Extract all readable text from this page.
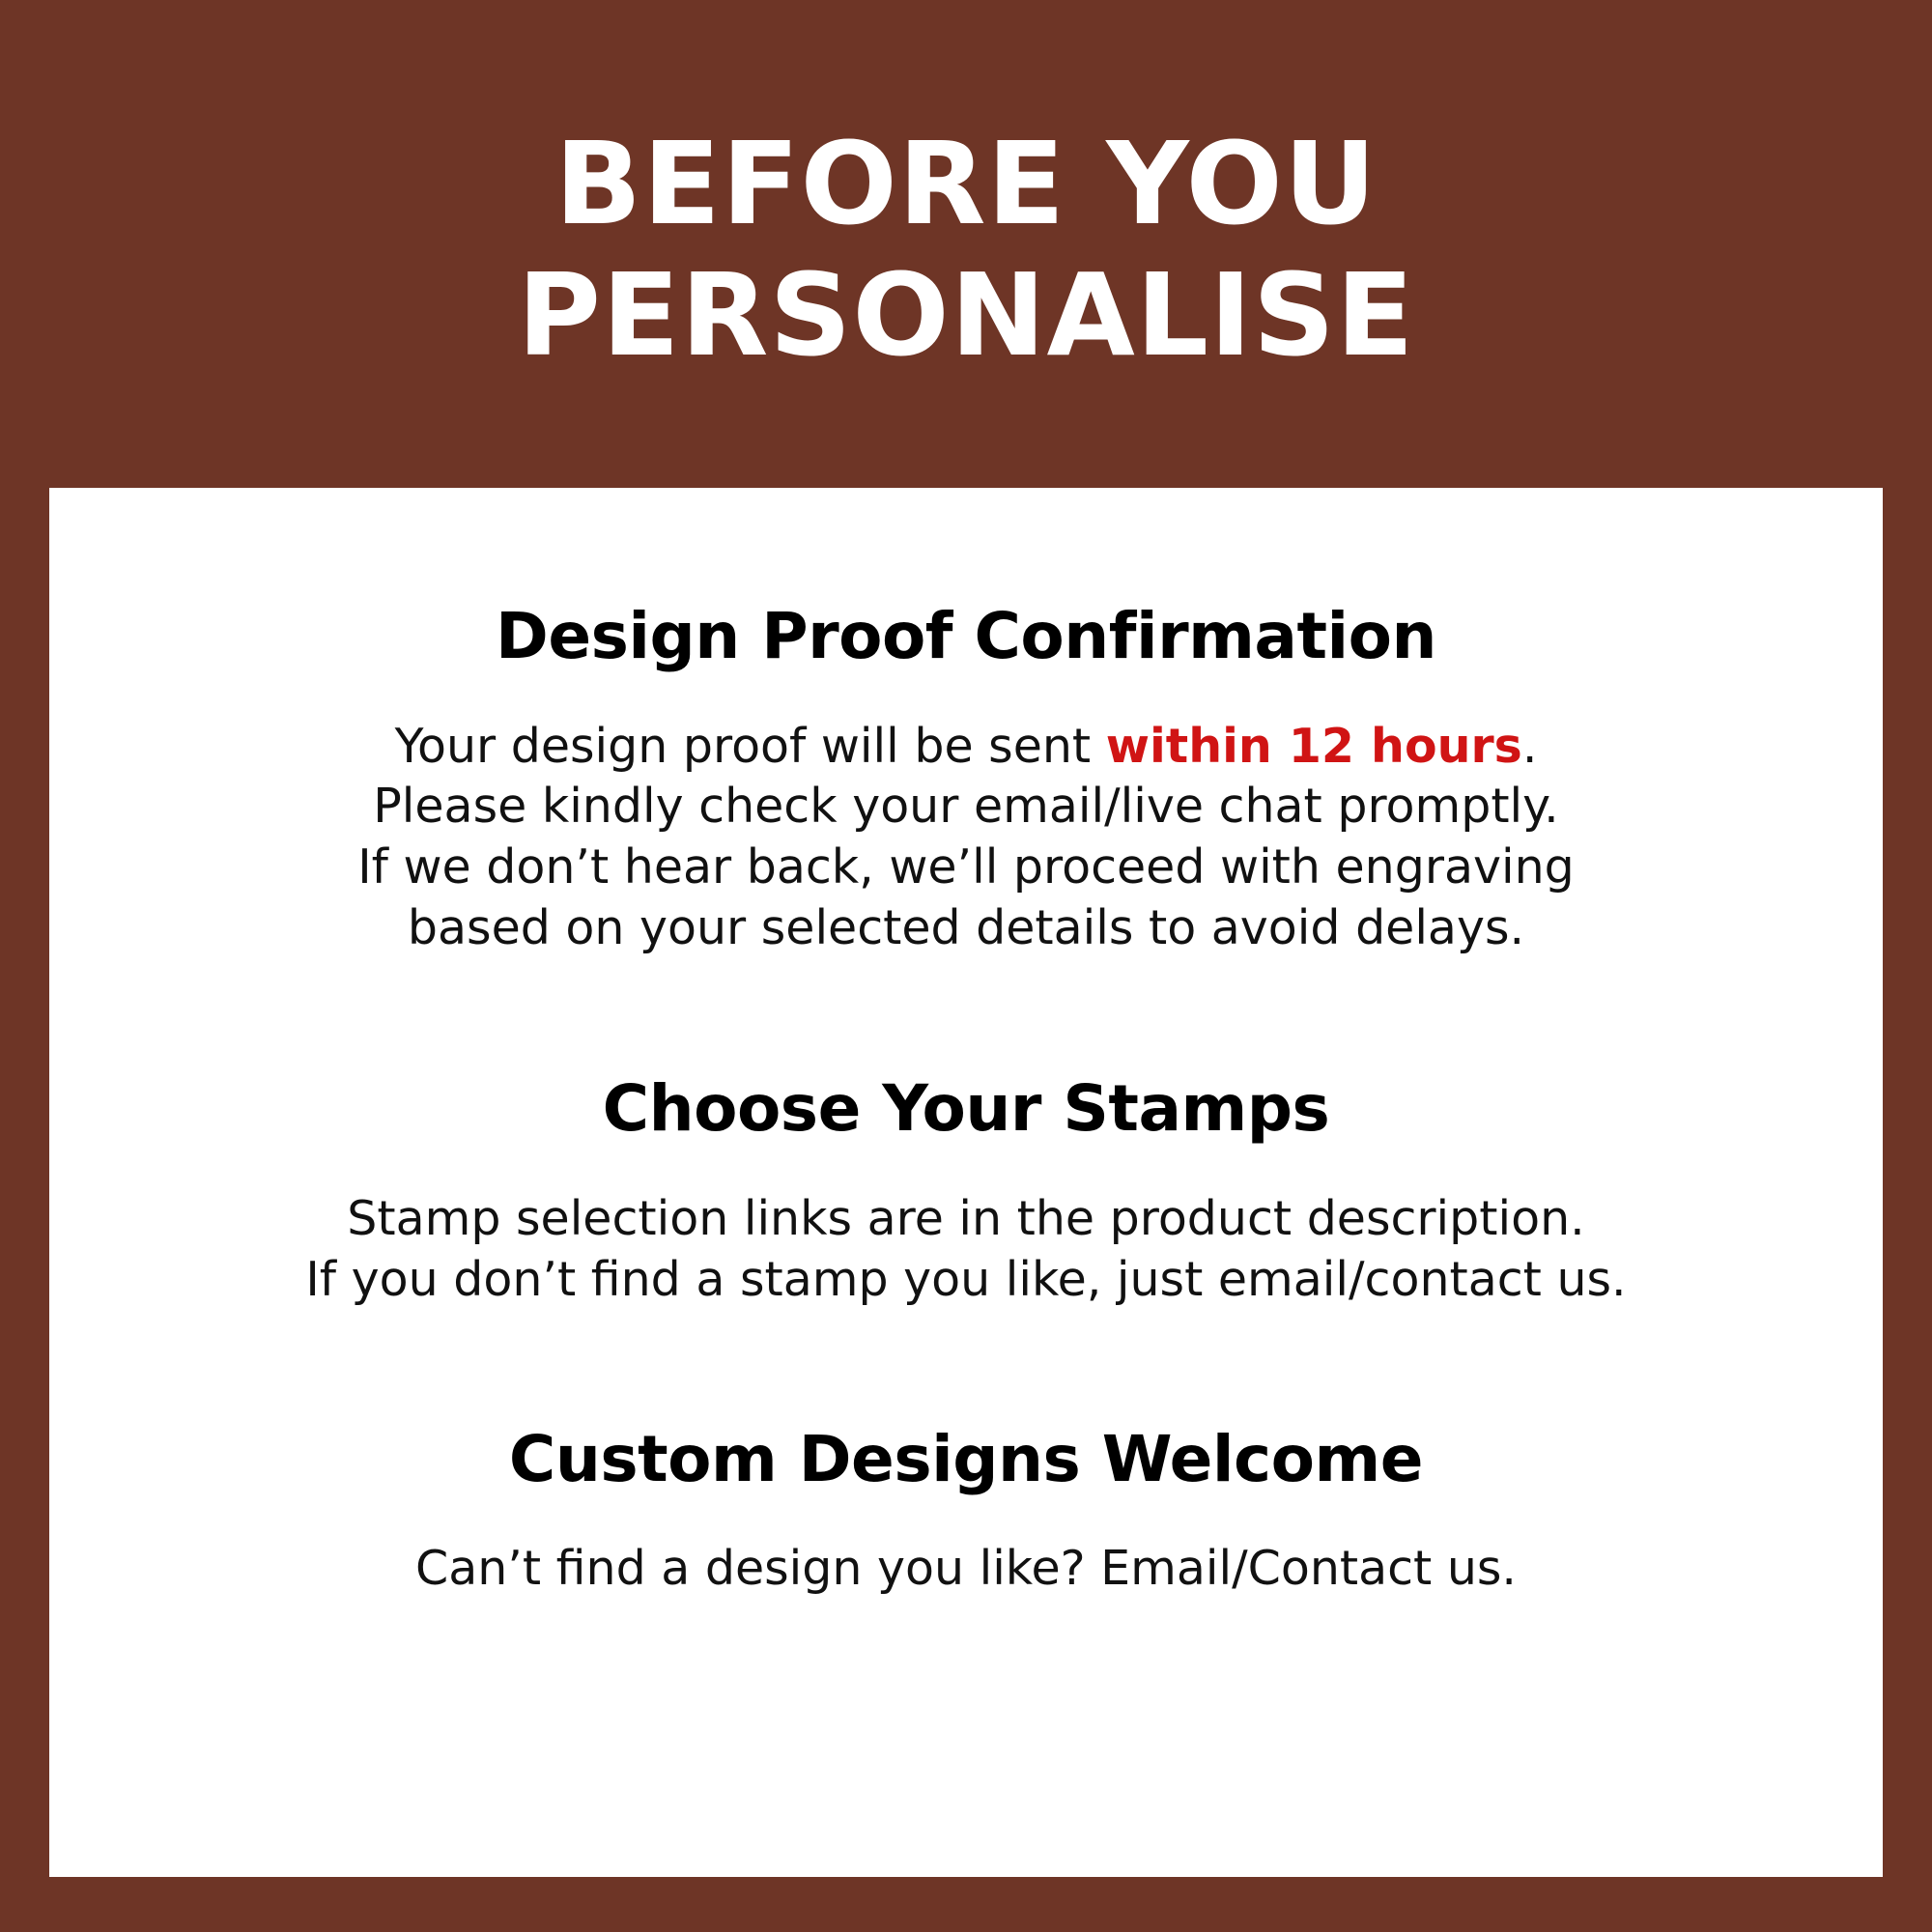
BEFORE YOU
PERSONALISE
Design Proof Confirmation

Your design proof will be sent within 12 hours.
Please kindly check your email/live chat promptly.
If we don’t hear back, we’ll proceed with engraving
based on your selected details to avoid delays.

Choose Your Stamps

Stamp selection links are in the product description.
If you don’t find a stamp you like, just email/contact us.

Custom Designs Welcome

Can’t find a design you like? Email/Contact us.
